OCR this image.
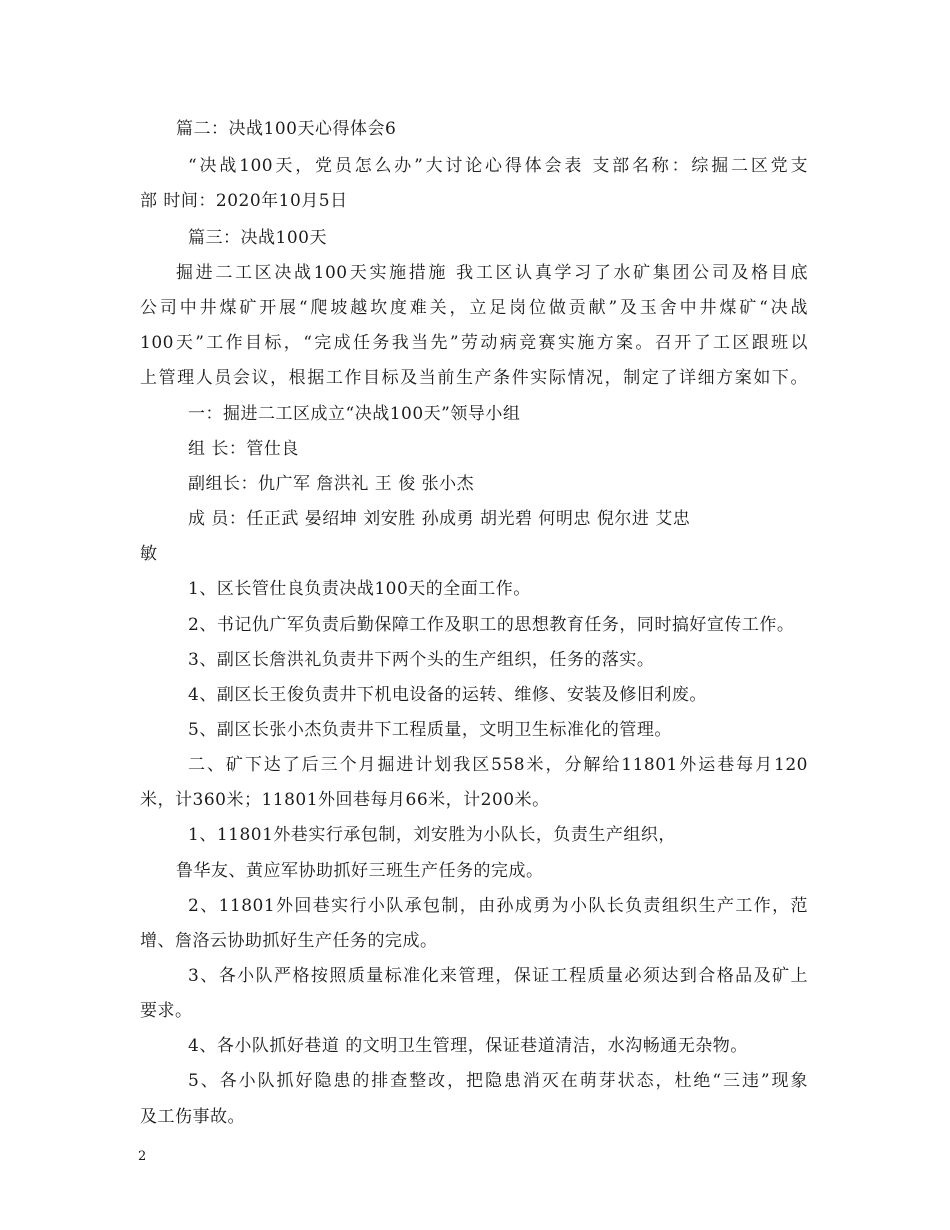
篇二：决战100天心得体会6
“决战100天，党员怎么办”大讨论心得体会表 支部名称：综掘二区党支
部 时间：2020年10月5日
篇三：决战100天
掘进二工区决战100天实施措施 我工区认真学习了水矿集团公司及格目底
公司中井煤矿开展“爬坡越坎度难关，立足岗位做贡献”及玉舍中井煤矿“决战
100天”工作目标，“完成任务我当先”劳动病竞赛实施方案。召开了工区跟班以
上管理人员会议，根据工作目标及当前生产条件实际情况，制定了详细方案如下。
一：掘进二工区成立“决战100天”领导小组
组 长：管仕良
副组长：仇广军 詹洪礼 王 俊 张小杰
成 员：任正武 晏绍坤 刘安胜 孙成勇 胡光碧 何明忠 倪尔进 艾忠
敏
1、区长管仕良负责决战100天的全面工作。
2、书记仇广军负责后勤保障工作及职工的思想教育任务，同时搞好宣传工作。
3、副区长詹洪礼负责井下两个头的生产组织，任务的落实。
4、副区长王俊负责井下机电设备的运转、维修、安装及修旧利废。
5、副区长张小杰负责井下工程质量，文明卫生标准化的管理。
二、矿下达了后三个月掘进计划我区558米，分解给11801外运巷每月120
米，计360米；11801外回巷每月66米，计200米。
1、11801外巷实行承包制，刘安胜为小队长，负责生产组织，
鲁华友、黄应军协助抓好三班生产任务的完成。
2、11801外回巷实行小队承包制，由孙成勇为小队长负责组织生产工作，范
增、詹洛云协助抓好生产任务的完成。
3、各小队严格按照质量标准化来管理，保证工程质量必须达到合格品及矿上
要求。
4、各小队抓好巷道 的文明卫生管理，保证巷道清洁，水沟畅通无杂物。
5、各小队抓好隐患的排查整改，把隐患消灭在萌芽状态，杜绝“三违”现象
及工伤事故。
2
